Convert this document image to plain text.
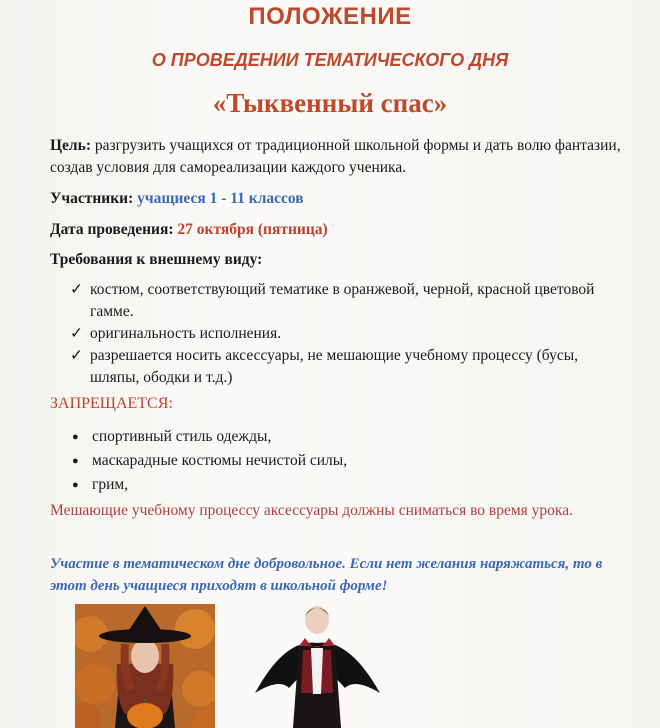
ПОЛОЖЕНИЕ
О ПРОВЕДЕНИИ ТЕМАТИЧЕСКОГО ДНЯ
«Тыквенный спас»
Цель: разгрузить учащихся от традиционной школьной формы и дать волю фантазии, создав условия для самореализации каждого ученика.
Участники: учащиеся 1 - 11 классов
Дата проведения: 27 октября (пятница)
Требования к внешнему виду:
✓ костюм, соответствующий тематике в оранжевой, черной, красной цветовой гамме.
✓ оригинальность исполнения.
✓ разрешается носить аксессуары, не мешающие учебному процессу (бусы, шляпы, ободки и т.д.)
ЗАПРЕЩАЕТСЯ:
● спортивный стиль одежды,
● маскарадные костюмы нечистой силы,
● грим,
Мешающие учебному процессу аксессуары должны сниматься во время урока.
Участие в тематическом дне добровольное. Если нет желания наряжаться, то в этот день учащиеся приходят в школьной форме!
